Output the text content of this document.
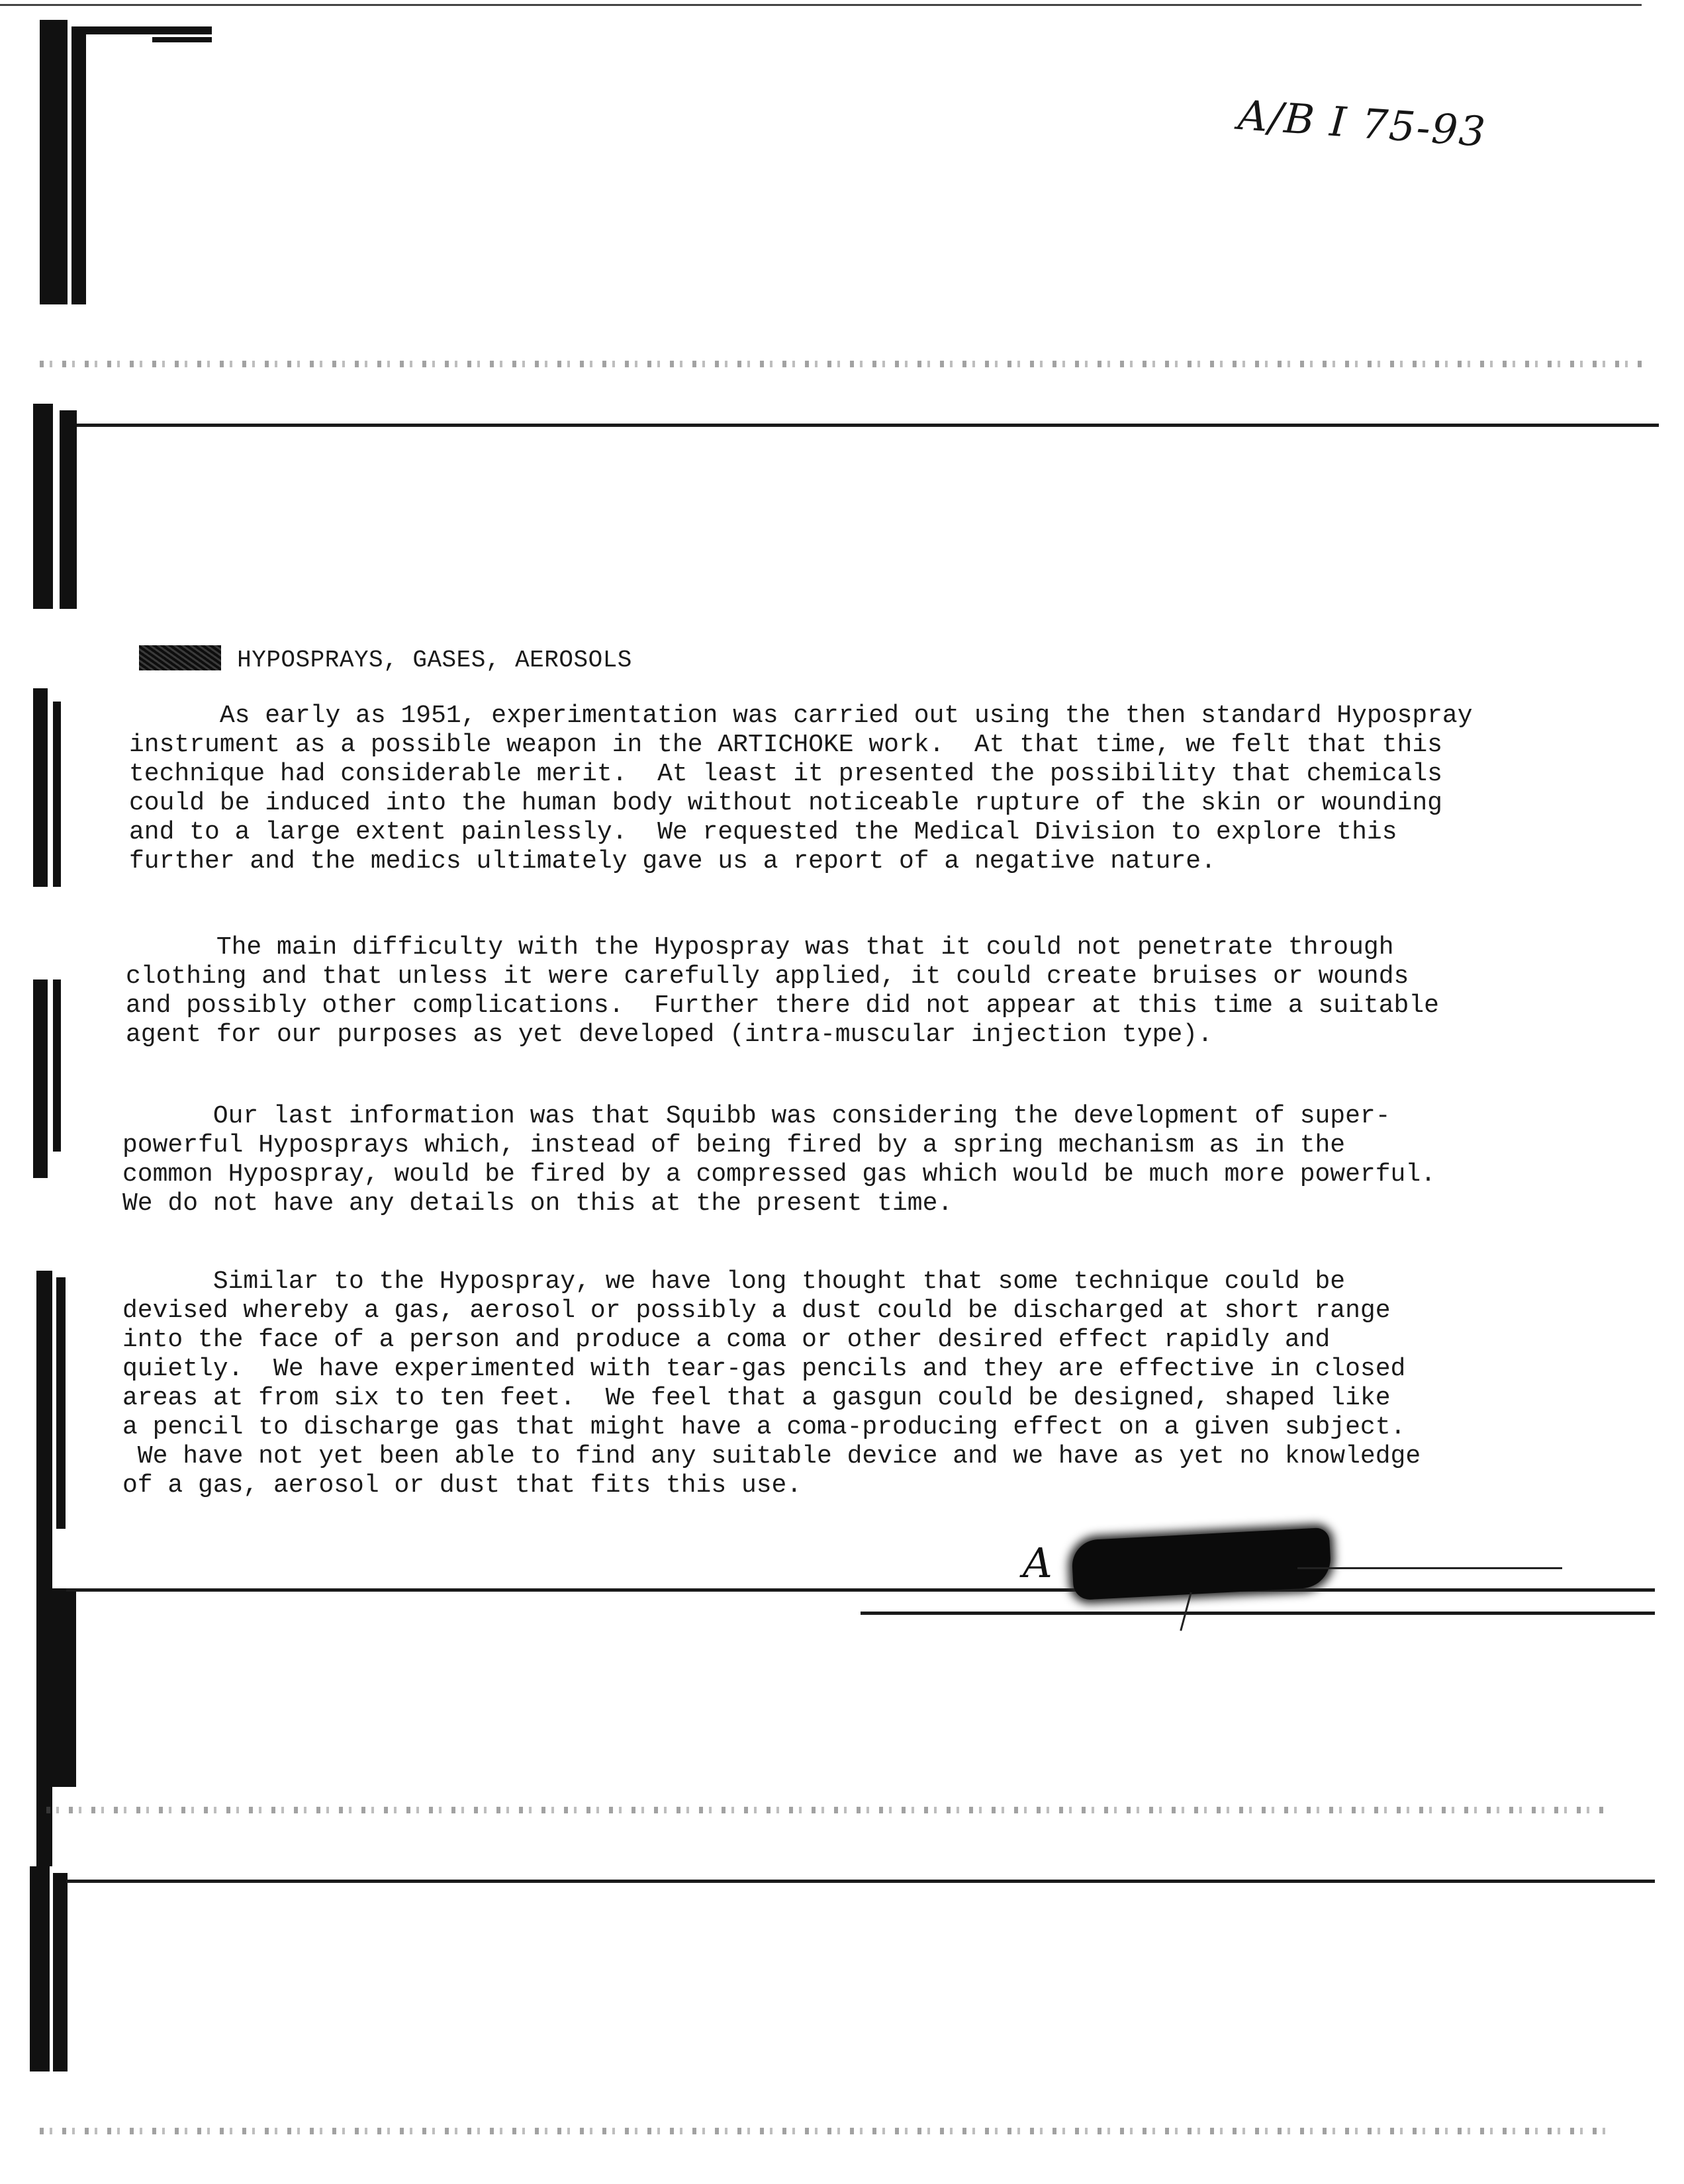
A/B I 75-93
HYPOSPRAYS, GASES, AEROSOLS
As early as 1951, experimentation was carried out using the then standard Hypospray
instrument as a possible weapon in the ARTICHOKE work.  At that time, we felt that this
technique had considerable merit.  At least it presented the possibility that chemicals
could be induced into the human body without noticeable rupture of the skin or wounding
and to a large extent painlessly.  We requested the Medical Division to explore this
further and the medics ultimately gave us a report of a negative nature.
The main difficulty with the Hypospray was that it could not penetrate through
clothing and that unless it were carefully applied, it could create bruises or wounds
and possibly other complications.  Further there did not appear at this time a suitable
agent for our purposes as yet developed (intra-muscular injection type).
Our last information was that Squibb was considering the development of super-
powerful Hyposprays which, instead of being fired by a spring mechanism as in the
common Hypospray, would be fired by a compressed gas which would be much more powerful.
We do not have any details on this at the present time.
Similar to the Hypospray, we have long thought that some technique could be
devised whereby a gas, aerosol or possibly a dust could be discharged at short range
into the face of a person and produce a coma or other desired effect rapidly and
quietly.  We have experimented with tear-gas pencils and they are effective in closed
areas at from six to ten feet.  We feel that a gasgun could be designed, shaped like
a pencil to discharge gas that might have a coma-producing effect on a given subject.
We have not yet been able to find any suitable device and we have as yet no knowledge
of a gas, aerosol or dust that fits this use.
A
